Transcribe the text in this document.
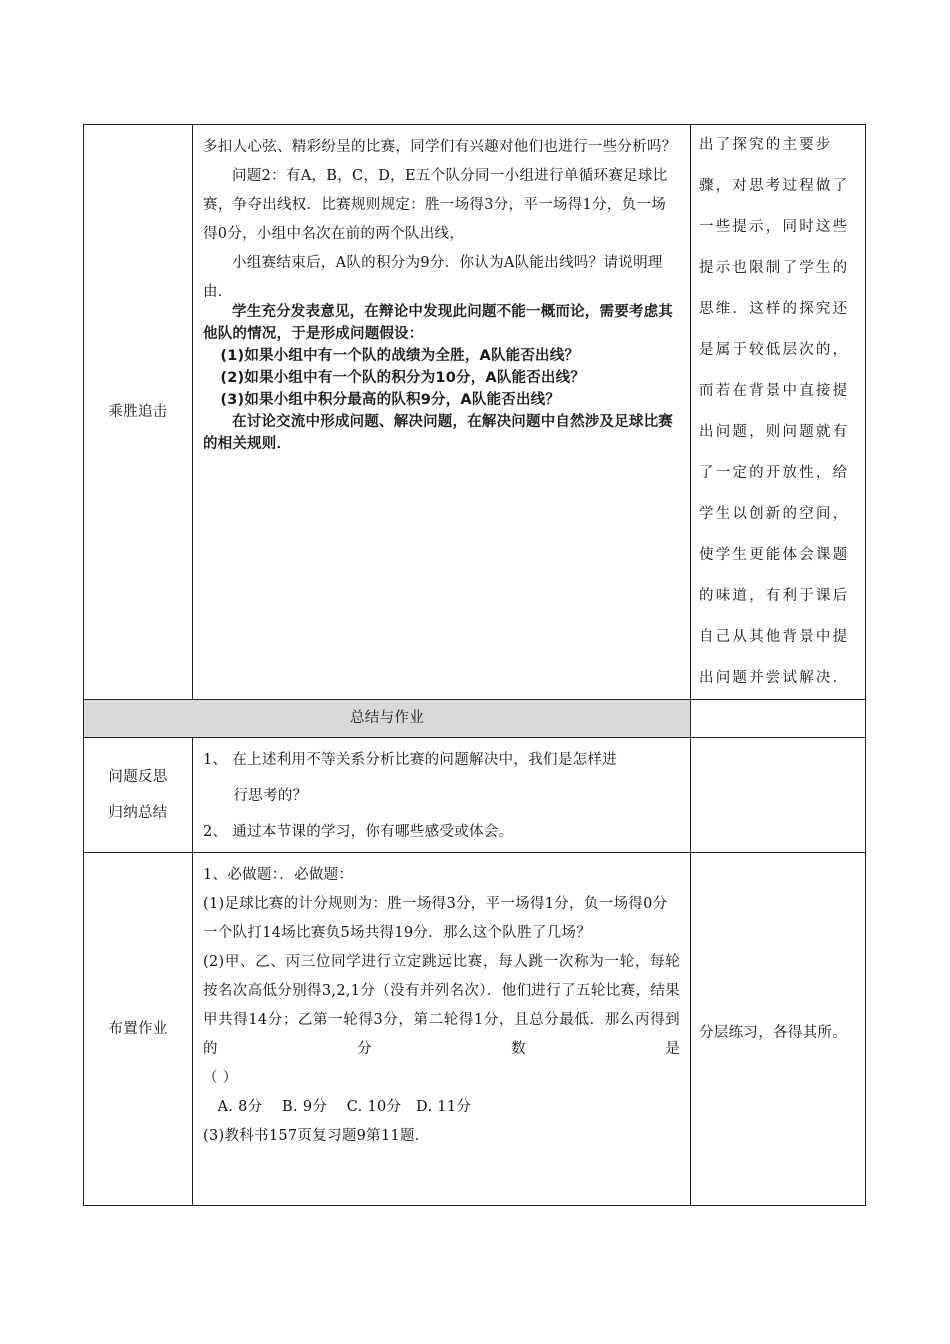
乘胜追击

多扣人心弦、精彩纷呈的比赛，同学们有兴趣对他们也进行一些分析吗？

问题2：有A，B，C，D，E五个队分同一小组进行单循环赛足球比赛，争夺出线权．比赛规则规定：胜一场得3分，平一场得1分，负一场得0分，小组中名次在前的两个队出线，

小组赛结束后，A队的积分为9分．你认为A队能出线吗？请说明理由．

学生充分发表意见，在辩论中发现此问题不能一概而论，需要考虑其他队的情况，于是形成问题假设：

(1)如果小组中有一个队的战绩为全胜，A队能否出线？

(2)如果小组中有一个队的积分为10分，A队能否出线？

(3)如果小组中积分最高的队积9分，A队能否出线？

在讨论交流中形成问题、解决问题，在解决问题中自然涉及足球比赛的相关规则．

出了探究的主要步骤，对思考过程做了一些提示，同时这些提示也限制了学生的思维．这样的探究还是属于较低层次的，而若在背景中直接提出问题，则问题就有了一定的开放性，给学生以创新的空间，使学生更能体会课题的味道，有利于课后自己从其他背景中提出问题并尝试解决．
总结与作业
问题反思
归纳总结

1、 在上述利用不等关系分析比赛的问题解决中，我们是怎样进

行思考的？

2、 通过本节课的学习，你有哪些感受或体会。

布置作业

1、必做题：．必做题：

(1)足球比赛的计分规则为：胜一场得3分，平一场得1分，负一场得0分一个队打14场比赛负5场共得19分．那么这个队胜了几场？

(2)甲、乙、丙三位同学进行立定跳远比赛，每人跳一次称为一轮，每轮按名次高低分别得3,2,1分（没有并列名次）．他们进行了五轮比赛，结果甲共得14分；乙第一轮得3分，第二轮得1分，且总分最低．那么丙得到的分数是

（ ）

A. 8分    B. 9分    C. 10分   D. 11分

(3)教科书157页复习题9第11题．

分层练习，各得其所。
